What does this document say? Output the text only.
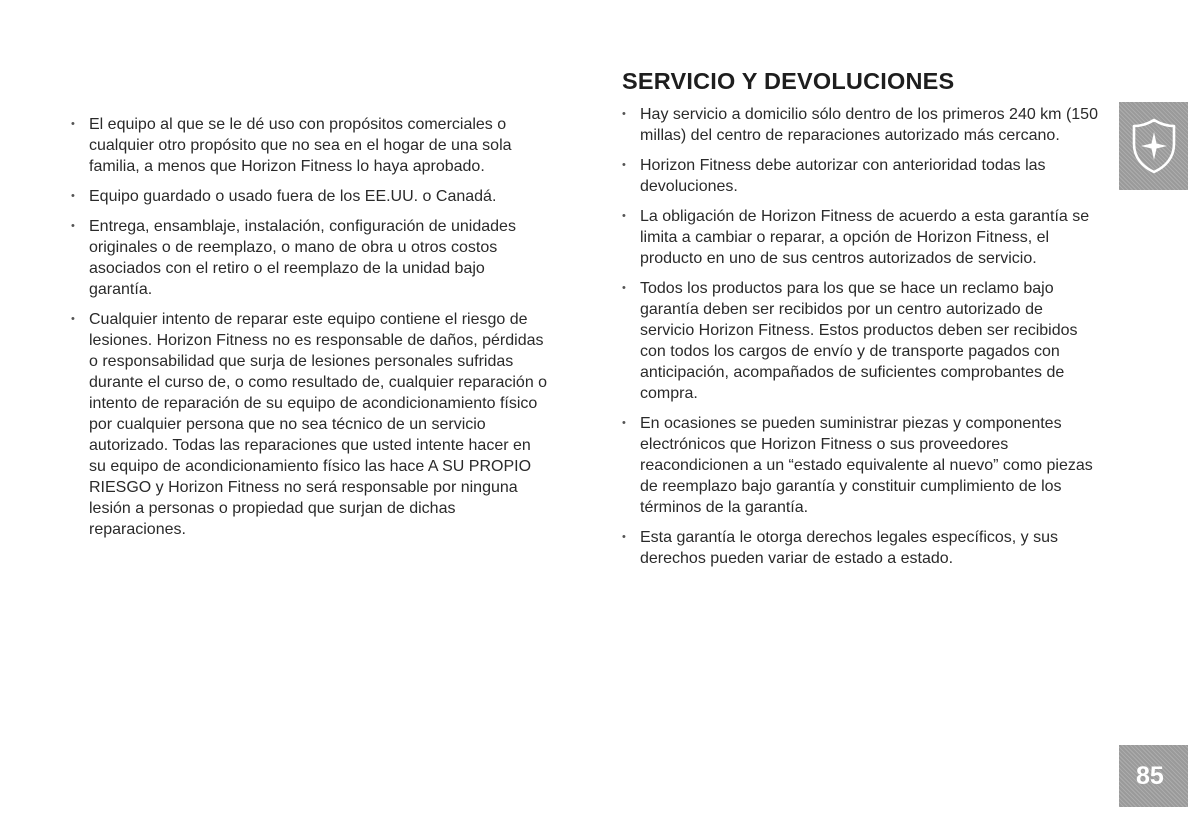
• El equipo al que se le dé uso con propósitos comerciales o cualquier otro propósito que no sea en el hogar de una sola familia, a menos que Horizon Fitness lo haya aprobado.
• Equipo guardado o usado fuera de los EE.UU. o Canadá.
• Entrega, ensamblaje, instalación, configuración de unidades originales o de reemplazo, o mano de obra u otros costos asociados con el retiro o el reemplazo de la unidad bajo garantía.
• Cualquier intento de reparar este equipo contiene el riesgo de lesiones. Horizon Fitness no es responsable de daños, pérdidas o responsabilidad que surja de lesiones personales sufridas durante el curso de, o como resultado de, cualquier reparación o intento de reparación de su equipo de acondicionamiento físico por cualquier persona que no sea técnico de un servicio autorizado. Todas las reparaciones que usted intente hacer en su equipo de acondicionamiento físico las hace A SU PROPIO RIESGO y Horizon Fitness no será responsable por ninguna lesión a personas o propiedad que surjan de dichas reparaciones.
SERVICIO Y DEVOLUCIONES
• Hay servicio a domicilio sólo dentro de los primeros 240 km (150 millas) del centro de reparaciones autorizado más cercano.
• Horizon Fitness debe autorizar con anterioridad todas las devoluciones.
• La obligación de Horizon Fitness de acuerdo a esta garantía se limita a cambiar o reparar, a opción de Horizon Fitness, el producto en uno de sus centros autorizados de servicio.
• Todos los productos para los que se hace un reclamo bajo garantía deben ser recibidos por un centro autorizado de servicio Horizon Fitness. Estos productos deben ser recibidos con todos los cargos de envío y de transporte pagados con anticipación, acompañados de suficientes comprobantes de compra.
• En ocasiones se pueden suministrar piezas y componentes electrónicos que Horizon Fitness o sus proveedores reacondicionen a un “estado equivalente al nuevo” como piezas de reemplazo bajo garantía y constituir cumplimiento de los términos de la garantía.
• Esta garantía le otorga derechos legales específicos, y sus derechos pueden variar de estado a estado.
85
